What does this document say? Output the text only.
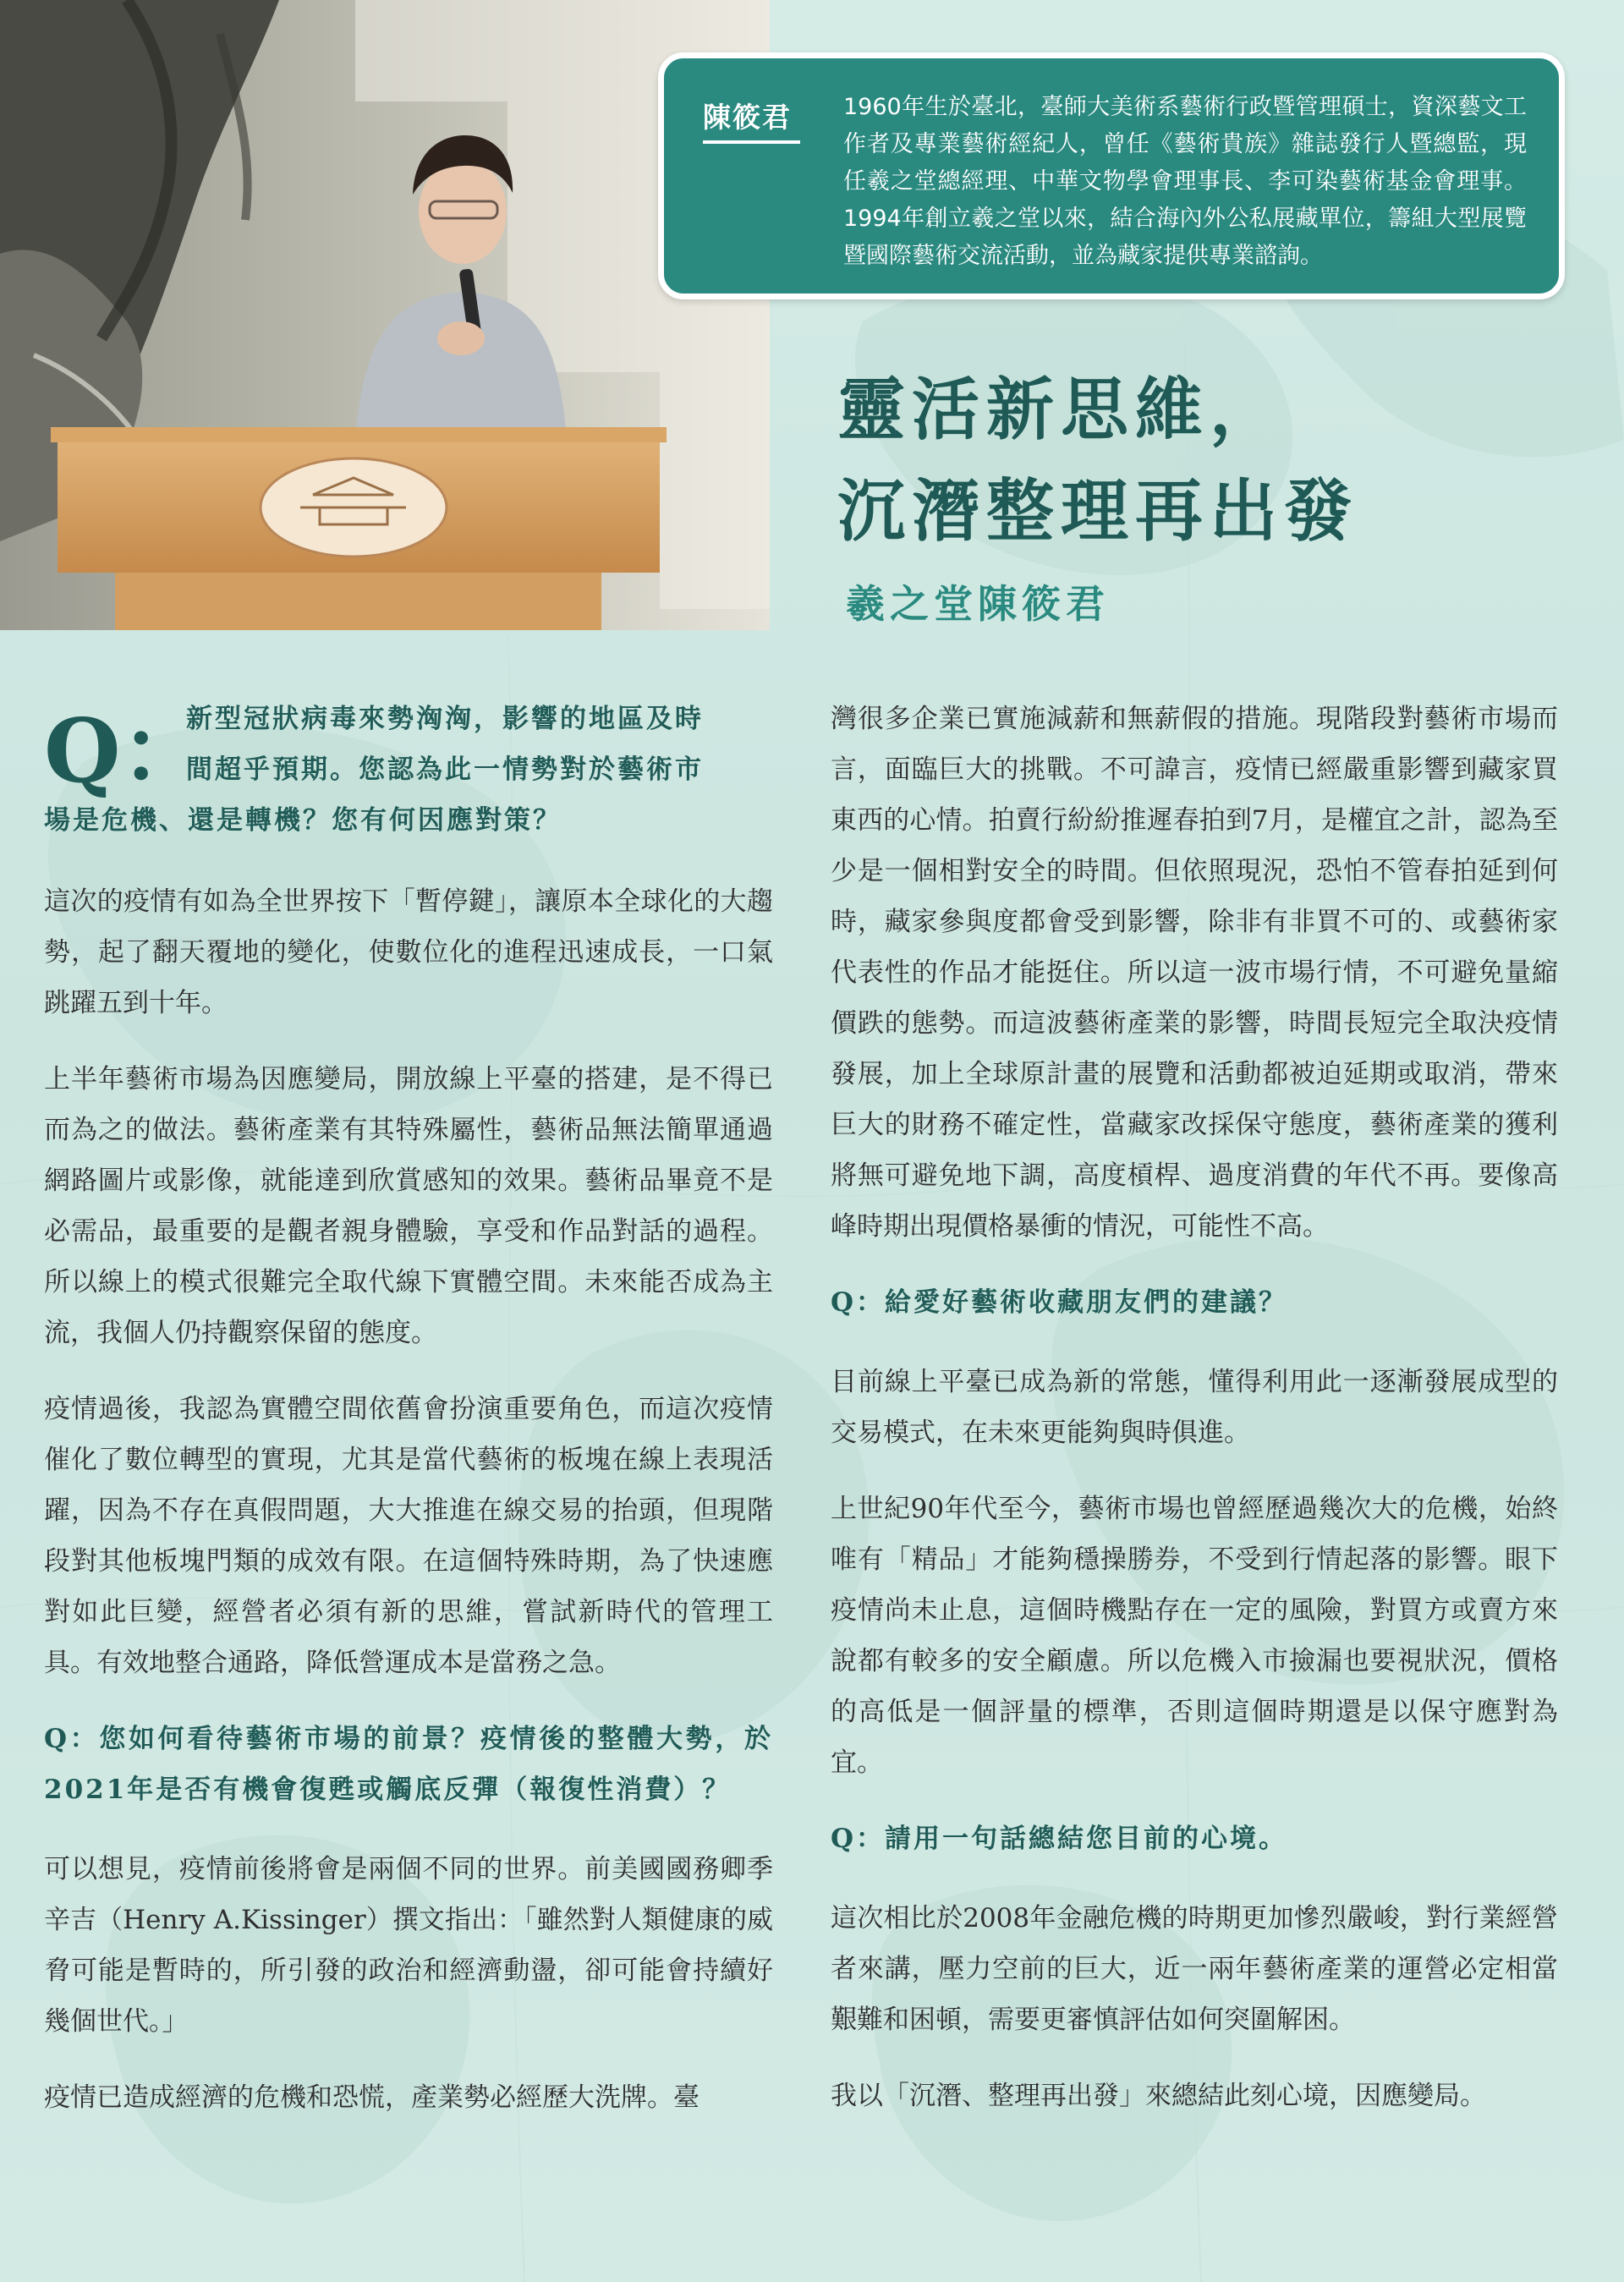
陳筱君	1960年生於臺北，臺師大美術系藝術行政暨管理碩士，資深藝文工作者及專業藝術經紀人，曾任《藝術貴族》雜誌發行人暨總監，現任羲之堂總經理、中華文物學會理事長、李可染藝術基金會理事。1994年創立羲之堂以來，結合海內外公私展藏單位，籌組大型展覽暨國際藝術交流活動，並為藏家提供專業諮詢。
靈活新思維，
沉潛整理再出發
羲之堂陳筱君
Q：
新型冠狀病毒來勢洶洶，影響的地區及時
間超乎預期。您認為此一情勢對於藝術市
場是危機、還是轉機？您有何因應對策？

這次的疫情有如為全世界按下「暫停鍵」，讓原本全球化的大趨勢，起了翻天覆地的變化，使數位化的進程迅速成長，一口氣跳躍五到十年。

上半年藝術市場為因應變局，開放線上平臺的搭建，是不得已而為之的做法。藝術產業有其特殊屬性，藝術品無法簡單通過網路圖片或影像，就能達到欣賞感知的效果。藝術品畢竟不是必需品，最重要的是觀者親身體驗，享受和作品對話的過程。所以線上的模式很難完全取代線下實體空間。未來能否成為主流，我個人仍持觀察保留的態度。

疫情過後，我認為實體空間依舊會扮演重要角色，而這次疫情催化了數位轉型的實現，尤其是當代藝術的板塊在線上表現活躍，因為不存在真假問題，大大推進在線交易的抬頭，但現階段對其他板塊門類的成效有限。在這個特殊時期，為了快速應對如此巨變，經營者必須有新的思維，嘗試新時代的管理工具。有效地整合通路，降低營運成本是當務之急。

Q：您如何看待藝術市場的前景？疫情後的整體大勢，於2021年是否有機會復甦或觸底反彈（報復性消費）？

可以想見，疫情前後將會是兩個不同的世界。前美國國務卿季辛吉（Henry A.Kissinger）撰文指出：「雖然對人類健康的威脅可能是暫時的，所引發的政治和經濟動盪，卻可能會持續好幾個世代。」

疫情已造成經濟的危機和恐慌，產業勢必經歷大洗牌。臺

灣很多企業已實施減薪和無薪假的措施。現階段對藝術市場而言，面臨巨大的挑戰。不可諱言，疫情已經嚴重影響到藏家買東西的心情。拍賣行紛紛推遲春拍到7月，是權宜之計，認為至少是一個相對安全的時間。但依照現況，恐怕不管春拍延到何時，藏家參與度都會受到影響，除非有非買不可的、或藝術家代表性的作品才能挺住。所以這一波市場行情，不可避免量縮價跌的態勢。而這波藝術產業的影響，時間長短完全取決疫情發展，加上全球原計畫的展覽和活動都被迫延期或取消，帶來巨大的財務不確定性，當藏家改採保守態度，藝術產業的獲利將無可避免地下調，高度槓桿、過度消費的年代不再。要像高峰時期出現價格暴衝的情況，可能性不高。

Q：給愛好藝術收藏朋友們的建議？

目前線上平臺已成為新的常態，懂得利用此一逐漸發展成型的交易模式，在未來更能夠與時俱進。

上世紀90年代至今，藝術市場也曾經歷過幾次大的危機，始終唯有「精品」才能夠穩操勝券，不受到行情起落的影響。眼下疫情尚未止息，這個時機點存在一定的風險，對買方或賣方來說都有較多的安全顧慮。所以危機入市撿漏也要視狀況，價格的高低是一個評量的標準，否則這個時期還是以保守應對為宜。

Q：請用一句話總結您目前的心境。

這次相比於2008年金融危機的時期更加慘烈嚴峻，對行業經營者來講，壓力空前的巨大，近一兩年藝術產業的運營必定相當艱難和困頓，需要更審慎評估如何突圍解困。

我以「沉潛、整理再出發」來總結此刻心境，因應變局。
